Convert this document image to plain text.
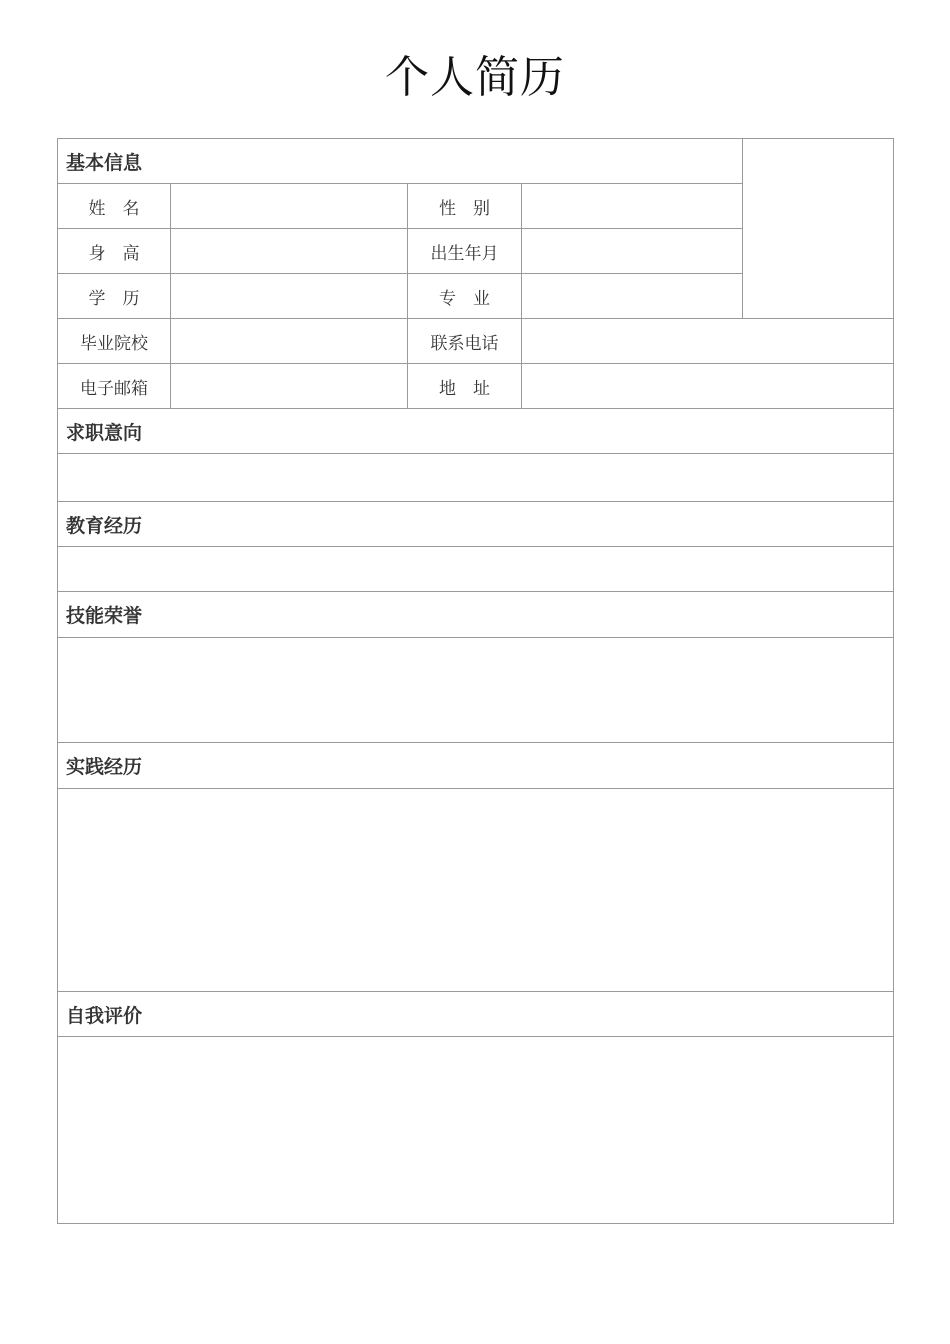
个人简历
基本信息				
姓　名		性　别		
身　高		出生年月		
学　历		专　业		
毕业院校		联系电话		
电子邮箱		地　址		
求职意向				

教育经历				

技能荣誉				

实践经历				

自我评价				
